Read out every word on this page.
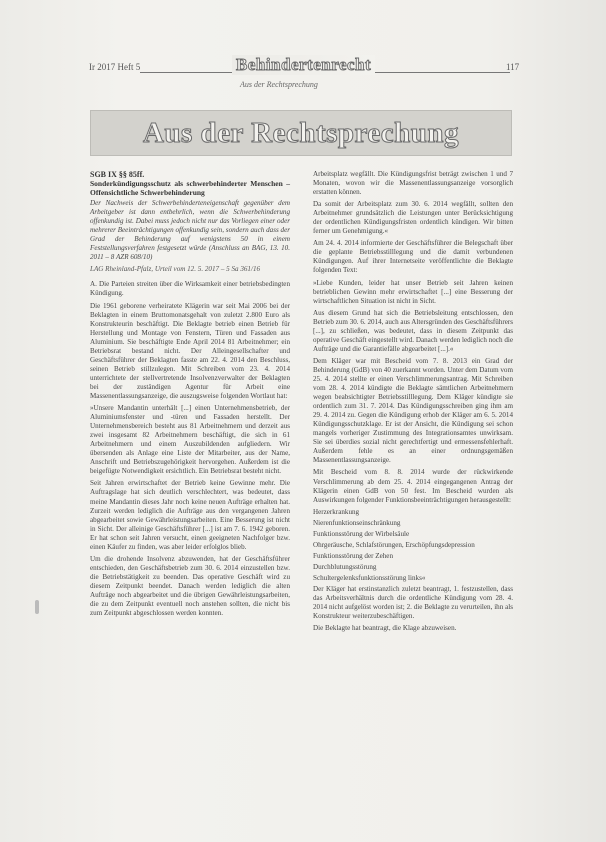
Ir 2017 Heft 5	Behindertenrecht	117
Aus der Rechtsprechung
Aus der Rechtsprechung

SGB IX §§ 85ff.

Sonderkündigungsschutz als schwerbehinderter Menschen – Offensichtliche Schwerbehinderung

Der Nachweis der Schwerbehinderteneigenschaft gegenüber dem Arbeitgeber ist dann entbehrlich, wenn die Schwerbehinderung offenkundig ist. Dabei muss jedoch nicht nur das Vorliegen einer oder mehrerer Beeinträchtigungen offenkundig sein, sondern auch dass der Grad der Behinderung auf wenigstens 50 in einem Feststellungsverfahren festgesetzt würde (Anschluss an BAG, 13. 10. 2011 – 8 AZR 608/10)

LAG Rheinland-Pfalz, Urteil vom 12. 5. 2017 – 5 Sa 361/16

A. Die Parteien streiten über die Wirksamkeit einer betriebsbedingten Kündigung.

Die 1961 geborene verheiratete Klägerin war seit Mai 2006 bei der Beklagten in einem Bruttomonatsgehalt von zuletzt 2.800 Euro als Konstrukteurin beschäftigt. Die Beklagte betrieb einen Betrieb für Herstellung und Montage von Fenstern, Türen und Fassaden aus Aluminium. Sie beschäftigte Ende April 2014 81 Arbeitnehmer; ein Betriebsrat bestand nicht. Der Alleingesellschafter und Geschäftsführer der Beklagten fasste am 22. 4. 2014 den Beschluss, seinen Betrieb stillzulegen. Mit Schreiben vom 23. 4. 2014 unterrichtete der stellvertretende Insolvenzverwalter der Beklagten bei der zuständigen Agentur für Arbeit eine Massenentlassungsanzeige, die auszugsweise folgenden Wortlaut hat:

»Unsere Mandantin unterhält [...] einen Unternehmensbetrieb, der Aluminiumsfenster und -türen und Fassaden herstellt. Der Unternehmensbereich besteht aus 81 Arbeitnehmern und derzeit aus zwei insgesamt 82 Arbeitnehmern beschäftigt, die sich in 61 Arbeitnehmern und einem Auszubildenden aufgliedern. Wir übersenden als Anlage eine Liste der Mitarbeiter, aus der Name, Anschrift und Betriebszugehörigkeit hervorgehen. Außerdem ist die beigefügte Notwendigkeit ersichtlich. Ein Betriebsrat besteht nicht.

Seit Jahren erwirtschaftet der Betrieb keine Gewinne mehr. Die Auftragslage hat sich deutlich verschlechtert, was bedeutet, dass meine Mandantin dieses Jahr noch keine neuen Aufträge erhalten hat. Zurzeit werden lediglich die Aufträge aus den vergangenen Jahren abgearbeitet sowie Gewährleistungsarbeiten. Eine Besserung ist nicht in Sicht. Der alleinige Geschäftsführer [...] ist am 7. 6. 1942 geboren. Er hat schon seit Jahren versucht, einen geeigneten Nachfolger bzw. einen Käufer zu finden, was aber leider erfolglos blieb.

Um die drohende Insolvenz abzuwenden, hat der Geschäftsführer entschieden, den Geschäftsbetrieb zum 30. 6. 2014 einzustellen bzw. die Betriebstätigkeit zu beenden. Das operative Geschäft wird zu diesem Zeitpunkt beendet. Danach werden lediglich die alten Aufträge noch abgearbeitet und die übrigen Gewährleistungsarbeiten, die zu dem Zeitpunkt eventuell noch anstehen sollten, die nicht bis zum Zeitpunkt abgeschlossen werden konnten.

Arbeitsplatz wegfällt. Die Kündigungsfrist beträgt zwischen 1 und 7 Monaten, wovon wir die Massenentlassungsanzeige vorsorglich erstatten können.

Da somit der Arbeitsplatz zum 30. 6. 2014 wegfällt, sollten den Arbeitnehmer grundsätzlich die Leistungen unter Berücksichtigung der ordentlichen Kündigungsfristen ordentlich kündigen. Wir bitten ferner um Genehmigung.«

Am 24. 4. 2014 informierte der Geschäftsführer die Belegschaft über die geplante Betriebsstilllegung und die damit verbundenen Kündigungen. Auf ihrer Internetseite veröffentlichte die Beklagte folgenden Text:

»Liebe Kunden, leider hat unser Betrieb seit Jahren keinen betrieblichen Gewinn mehr erwirtschaftet [...] eine Besserung der wirtschaftlichen Situation ist nicht in Sicht.

Aus diesem Grund hat sich die Betriebsleitung entschlossen, den Betrieb zum 30. 6. 2014, auch aus Altersgründen des Geschäftsführers [...], zu schließen, was bedeutet, dass in diesem Zeitpunkt das operative Geschäft eingestellt wird. Danach werden lediglich noch die Aufträge und die Garantiefälle abgearbeitet [...].«

Dem Kläger war mit Bescheid vom 7. 8. 2013 ein Grad der Behinderung (GdB) von 40 zuerkannt worden. Unter dem Datum vom 25. 4. 2014 stellte er einen Verschlimmerungsantrag. Mit Schreiben vom 28. 4. 2014 kündigte die Beklagte sämtlichen Arbeitnehmern wegen beabsichtigter Betriebsstilllegung. Dem Kläger kündigte sie ordentlich zum 31. 7. 2014. Das Kündigungsschreiben ging ihm am 29. 4. 2014 zu. Gegen die Kündigung erhob der Kläger am 6. 5. 2014 Kündigungsschutzklage. Er ist der Ansicht, die Kündigung sei schon mangels vorheriger Zustimmung des Integrationsamtes unwirksam. Sie sei überdies sozial nicht gerechtfertigt und ermessensfehlerhaft. Außerdem fehle es an einer ordnungsgemäßen Massenentlassungsanzeige.

Mit Bescheid vom 8. 8. 2014 wurde der rückwirkende Verschlimmerung ab dem 25. 4. 2014 eingegangenen Antrag der Klägerin einen GdB von 50 fest. Im Bescheid wurden als Auswirkungen folgender Funktionsbeeinträchtigungen herausgestellt:

Herzerkrankung

Nierenfunktionseinschränkung

Funktionsstörung der Wirbelsäule

Ohrgeräusche, Schlafstörungen, Erschöpfungsdepression

Funktionsstörung der Zehen

Durchblutungsstörung

Schultergelenksfunktionsstörung links«

Der Kläger hat erstinstanzlich zuletzt beantragt, 1. festzustellen, dass das Arbeitsverhältnis durch die ordentliche Kündigung vom 28. 4. 2014 nicht aufgelöst worden ist; 2. die Beklagte zu verurteilen, ihn als Konstrukteur weiterzubeschäftigen.

Die Beklagte hat beantragt, die Klage abzuweisen.
